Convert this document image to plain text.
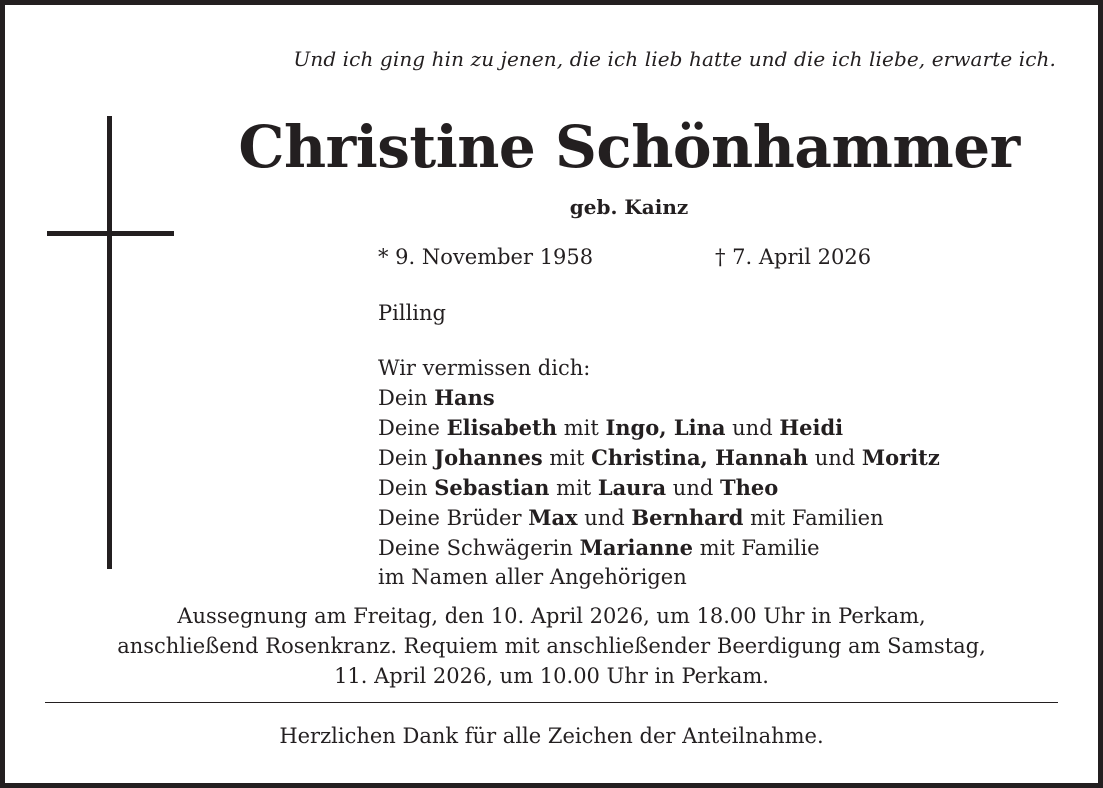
Und ich ging hin zu jenen, die ich lieb hatte und die ich liebe, erwarte ich.
Christine Schönhammer
geb. Kainz
* 9. November 1958	† 7. April 2026
Pilling
Wir vermissen dich:
Dein Hans
Deine Elisabeth mit Ingo, Lina und Heidi
Dein Johannes mit Christina, Hannah und Moritz
Dein Sebastian mit Laura und Theo
Deine Brüder Max und Bernhard mit Familien
Deine Schwägerin Marianne mit Familie
im Namen aller Angehörigen
Aussegnung am Freitag, den 10. April 2026, um 18.00 Uhr in Perkam,
anschließend Rosenkranz. Requiem mit anschließender Beerdigung am Samstag,
11. April 2026, um 10.00 Uhr in Perkam.
Herzlichen Dank für alle Zeichen der Anteilnahme.
